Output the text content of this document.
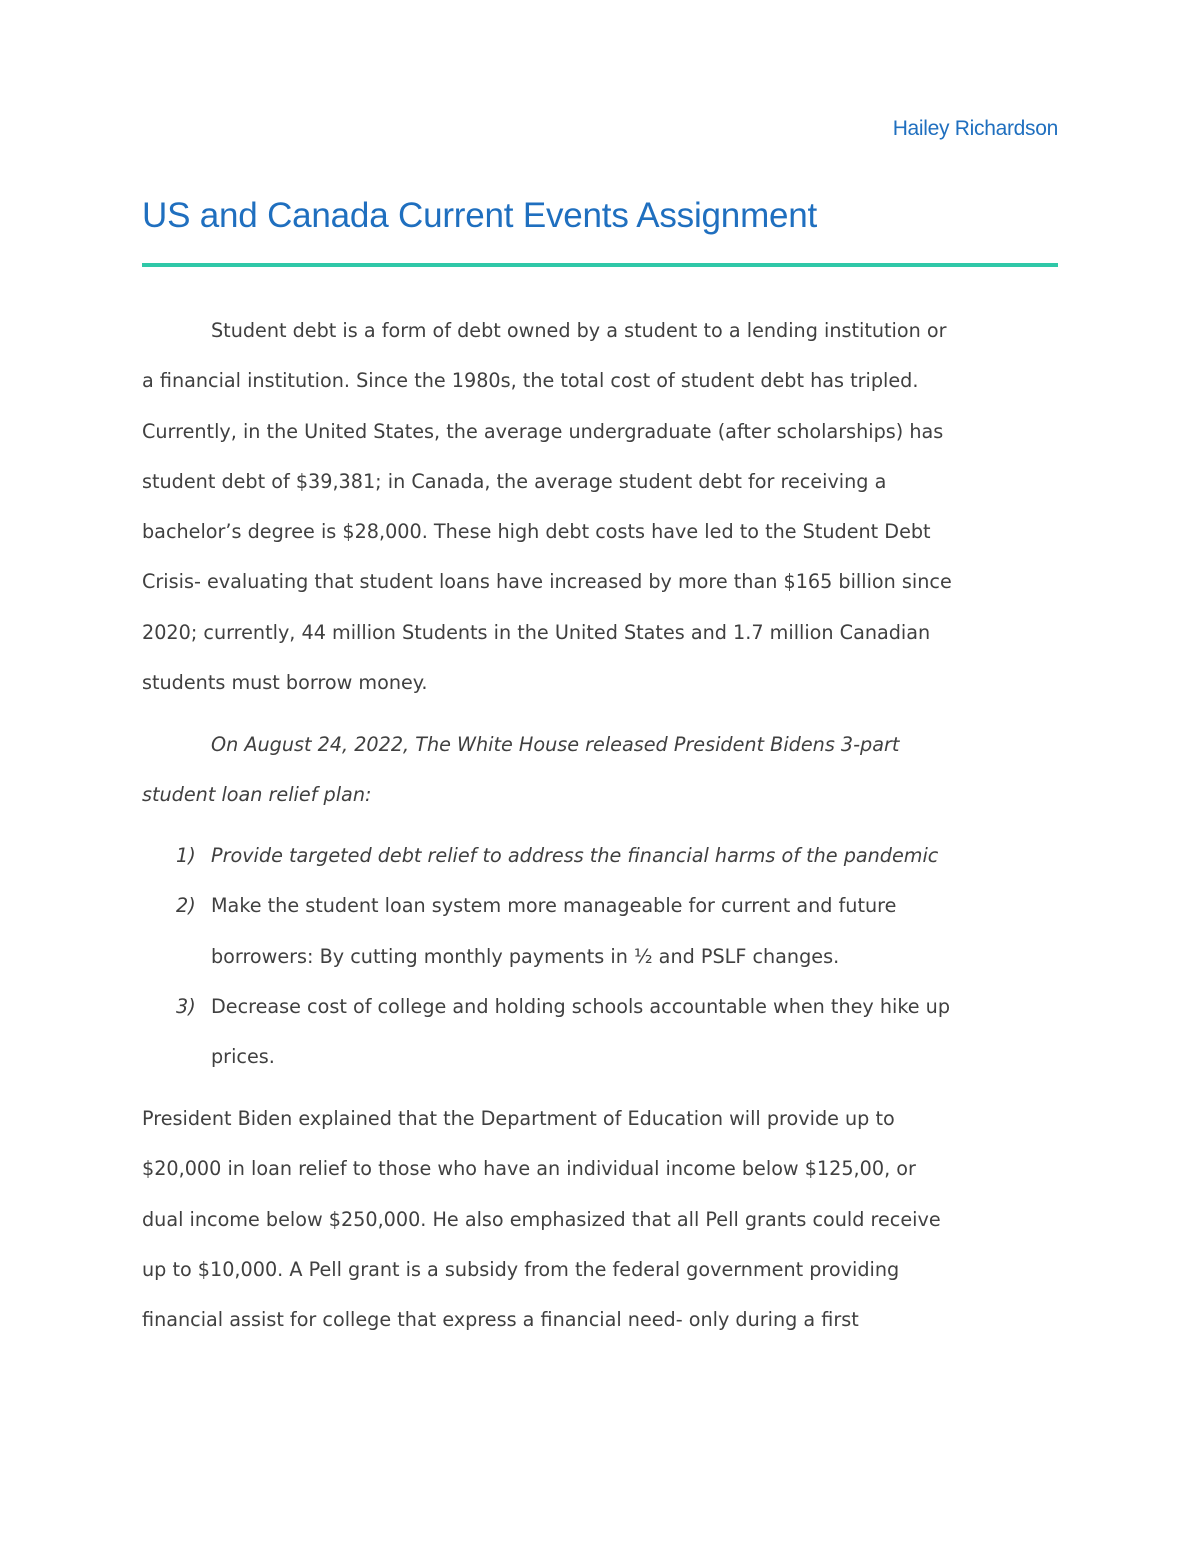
Hailey Richardson
US and Canada Current Events Assignment
Student debt is a form of debt owned by a student to a lending institution or
a financial institution. Since the 1980s, the total cost of student debt has tripled.
Currently, in the United States, the average undergraduate (after scholarships) has
student debt of $39,381; in Canada, the average student debt for receiving a
bachelor’s degree is $28,000. These high debt costs have led to the Student Debt
Crisis- evaluating that student loans have increased by more than $165 billion since
2020; currently, 44 million Students in the United States and 1.7 million Canadian
students must borrow money.
On August 24, 2022, The White House released President Bidens 3-part
student loan relief plan:
1) Provide targeted debt relief to address the financial harms of the pandemic
2) Make the student loan system more manageable for current and future
borrowers: By cutting monthly payments in ½ and PSLF changes.
3) Decrease cost of college and holding schools accountable when they hike up
prices.
President Biden explained that the Department of Education will provide up to
$20,000 in loan relief to those who have an individual income below $125,00, or
dual income below $250,000. He also emphasized that all Pell grants could receive
up to $10,000. A Pell grant is a subsidy from the federal government providing
financial assist for college that express a financial need- only during a first
